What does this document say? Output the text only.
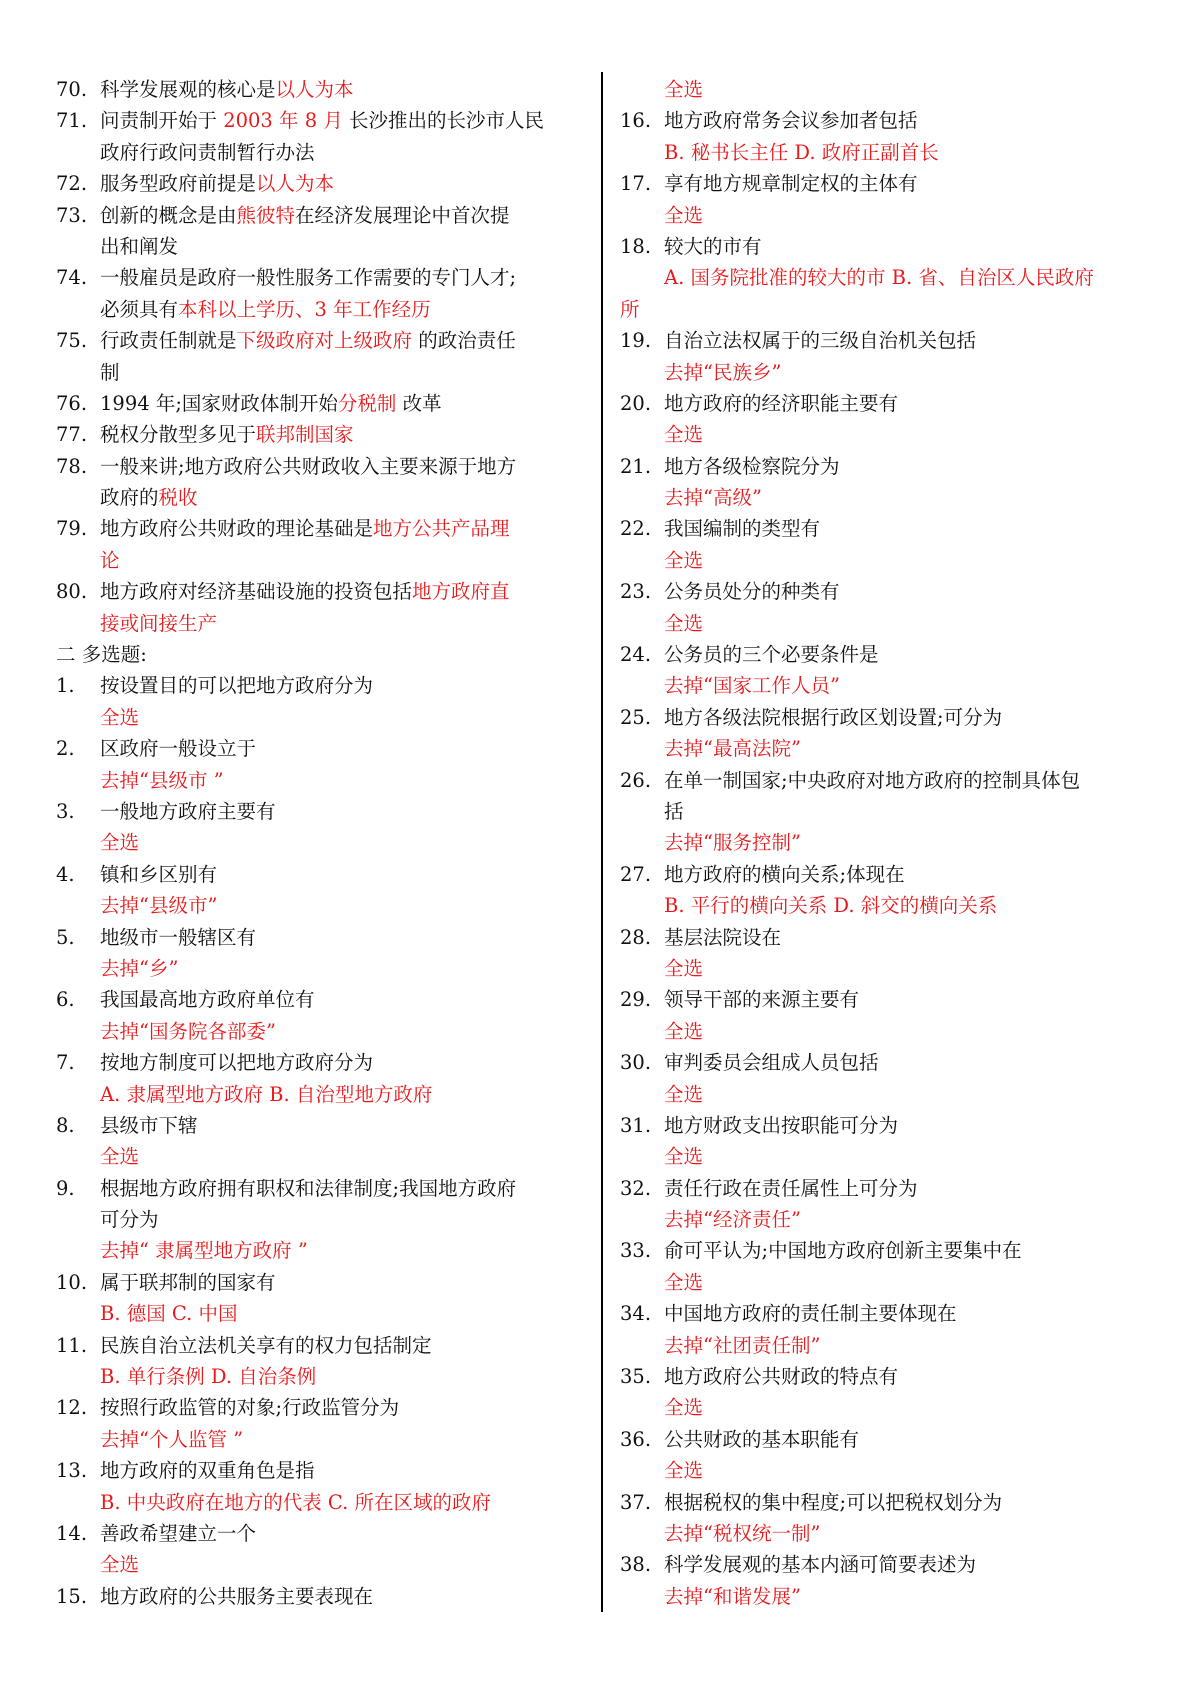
70. 科学发展观的核心是以人为本
71. 问责制开始于 2003 年 8 月 长沙推出的长沙市人民
政府行政问责制暂行办法
72. 服务型政府前提是以人为本
73. 创新的概念是由熊彼特在经济发展理论中首次提
出和阐发
74. 一般雇员是政府一般性服务工作需要的专门人才;
必须具有本科以上学历、3 年工作经历
75. 行政责任制就是下级政府对上级政府 的政治责任
制
76. 1994 年;国家财政体制开始分税制 改革
77. 税权分散型多见于联邦制国家
78. 一般来讲;地方政府公共财政收入主要来源于地方
政府的税收
79. 地方政府公共财政的理论基础是地方公共产品理
论
80. 地方政府对经济基础设施的投资包括地方政府直
接或间接生产
二 多选题:
1. 按设置目的可以把地方政府分为
全选
2. 区政府一般设立于
去掉“县级市 ”
3. 一般地方政府主要有
全选
4. 镇和乡区别有
去掉“县级市”
5. 地级市一般辖区有
去掉“乡”
6. 我国最高地方政府单位有
去掉“国务院各部委”
7. 按地方制度可以把地方政府分为
A. 隶属型地方政府 B. 自治型地方政府
8. 县级市下辖
全选
9. 根据地方政府拥有职权和法律制度;我国地方政府
可分为
去掉“ 隶属型地方政府 ”
10. 属于联邦制的国家有
B. 德国 C. 中国
11. 民族自治立法机关享有的权力包括制定
B. 单行条例 D. 自治条例
12. 按照行政监管的对象;行政监管分为
去掉“个人监管 ”
13. 地方政府的双重角色是指
B. 中央政府在地方的代表 C. 所在区域的政府
14. 善政希望建立一个
全选
15. 地方政府的公共服务主要表现在
全选
16. 地方政府常务会议参加者包括
B. 秘书长主任 D. 政府正副首长
17. 享有地方规章制定权的主体有
全选
18. 较大的市有
A. 国务院批准的较大的市 B. 省、自治区人民政府
所
19. 自治立法权属于的三级自治机关包括
去掉“民族乡”
20. 地方政府的经济职能主要有
全选
21. 地方各级检察院分为
去掉“高级”
22. 我国编制的类型有
全选
23. 公务员处分的种类有
全选
24. 公务员的三个必要条件是
去掉“国家工作人员”
25. 地方各级法院根据行政区划设置;可分为
去掉“最高法院”
26. 在单一制国家;中央政府对地方政府的控制具体包
括
去掉“服务控制”
27. 地方政府的横向关系;体现在
B. 平行的横向关系 D. 斜交的横向关系
28. 基层法院设在
全选
29. 领导干部的来源主要有
全选
30. 审判委员会组成人员包括
全选
31. 地方财政支出按职能可分为
全选
32. 责任行政在责任属性上可分为
去掉“经济责任”
33. 俞可平认为;中国地方政府创新主要集中在
全选
34. 中国地方政府的责任制主要体现在
去掉“社团责任制”
35. 地方政府公共财政的特点有
全选
36. 公共财政的基本职能有
全选
37. 根据税权的集中程度;可以把税权划分为
去掉“税权统一制”
38. 科学发展观的基本内涵可简要表述为
去掉“和谐发展”
